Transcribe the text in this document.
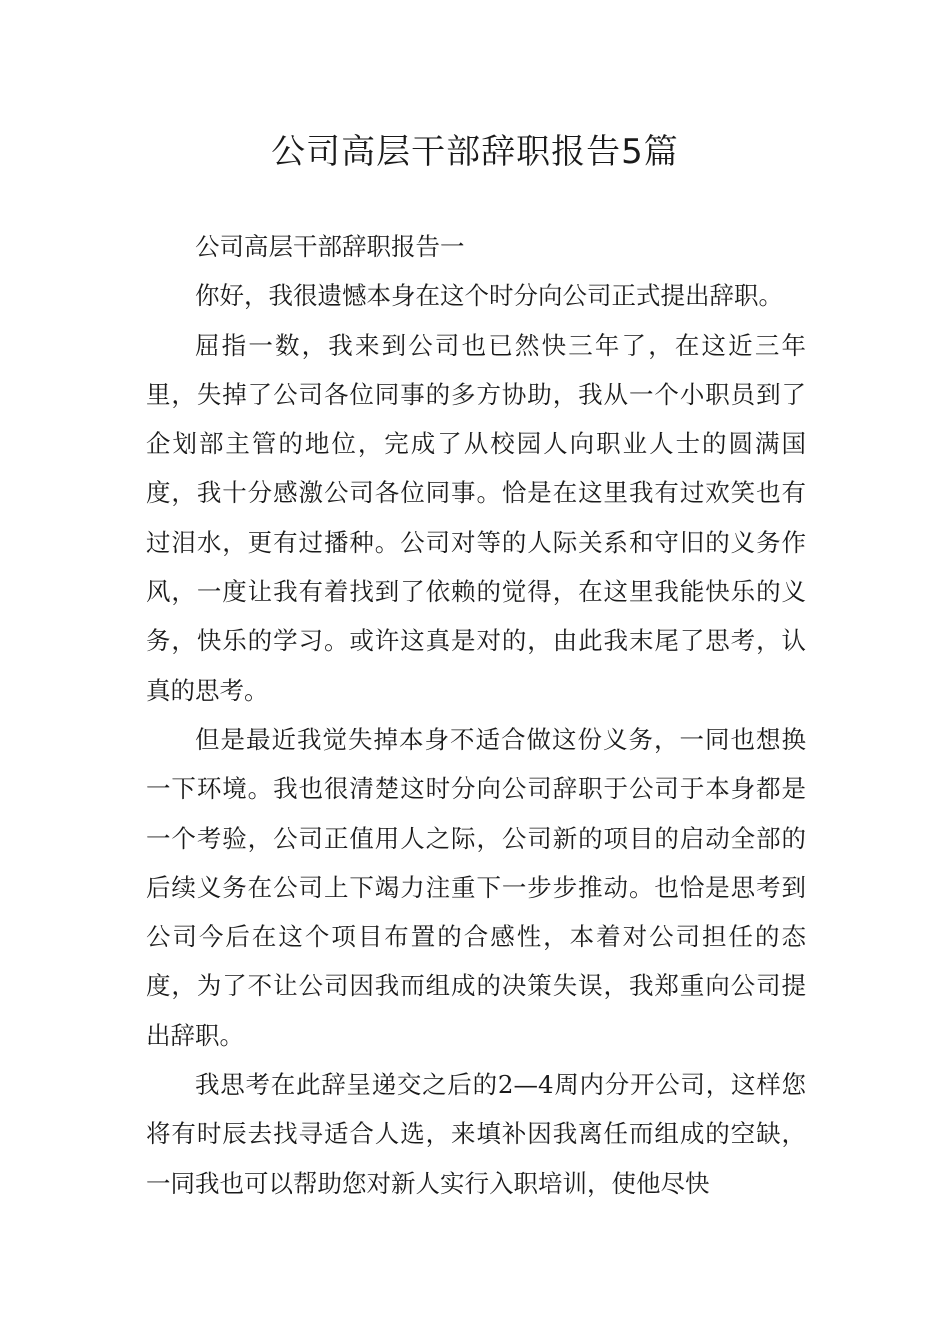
公司高层干部辞职报告5篇

公司高层干部辞职报告一

你好，我很遗憾本身在这个时分向公司正式提出辞职。

屈指一数，我来到公司也已然快三年了，在这近三年里，失掉了公司各位同事的多方协助，我从一个小职员到了企划部主管的地位，完成了从校园人向职业人士的圆满国度，我十分感激公司各位同事。恰是在这里我有过欢笑也有过泪水，更有过播种。公司对等的人际关系和守旧的义务作风，一度让我有着找到了依赖的觉得，在这里我能快乐的义务，快乐的学习。或许这真是对的，由此我末尾了思考，认真的思考。

但是最近我觉失掉本身不适合做这份义务，一同也想换一下环境。我也很清楚这时分向公司辞职于公司于本身都是一个考验，公司正值用人之际，公司新的项目的启动全部的后续义务在公司上下竭力注重下一步步推动。也恰是思考到公司今后在这个项目布置的合感性，本着对公司担任的态度，为了不让公司因我而组成的决策失误，我郑重向公司提出辞职。

我思考在此辞呈递交之后的2—4周内分开公司，这样您将有时辰去找寻适合人选，来填补因我离任而组成的空缺，一同我也可以帮助您对新人实行入职培训，使他尽快
